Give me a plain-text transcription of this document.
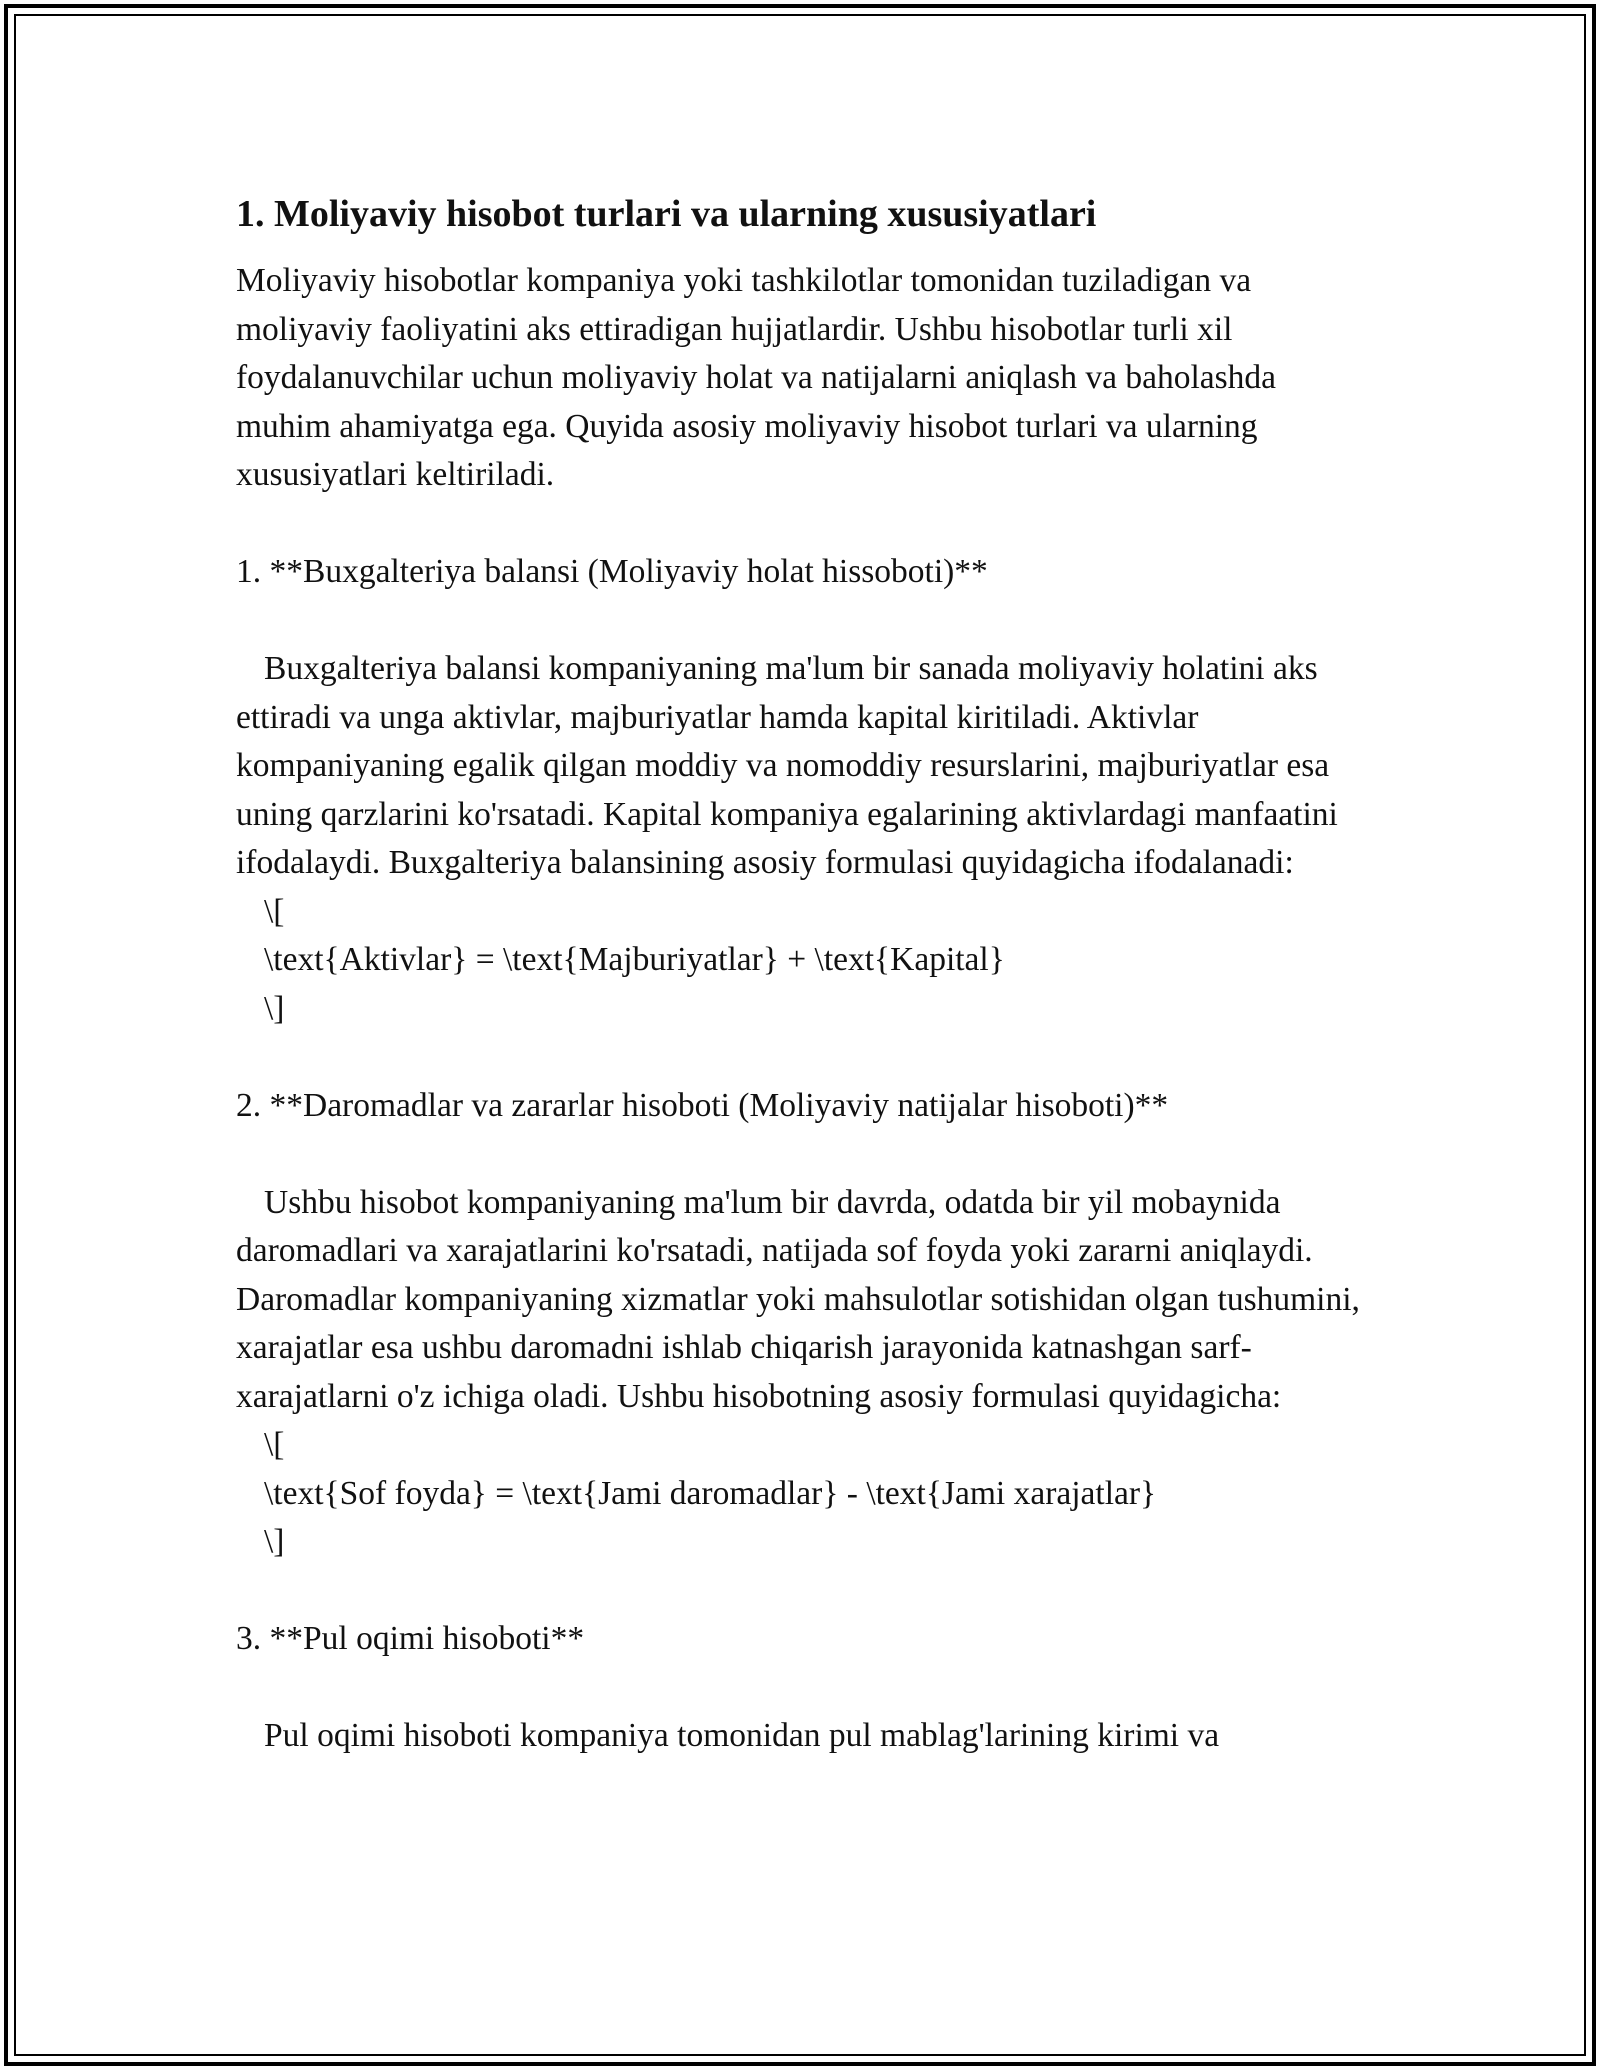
1. Moliyaviy hisobot turlari va ularning xususiyatlari

Moliyaviy hisobotlar kompaniya yoki tashkilotlar tomonidan tuziladigan va moliyaviy faoliyatini aks ettiradigan hujjatlardir. Ushbu hisobotlar turli xil foydalanuvchilar uchun moliyaviy holat va natijalarni aniqlash va baholashda muhim ahamiyatga ega. Quyida asosiy moliyaviy hisobot turlari va ularning xususiyatlari keltiriladi.

1. **Buxgalteriya balansi (Moliyaviy holat hissoboti)**

Buxgalteriya balansi kompaniyaning ma'lum bir sanada moliyaviy holatini aks ettiradi va unga aktivlar, majburiyatlar hamda kapital kiritiladi. Aktivlar kompaniyaning egalik qilgan moddiy va nomoddiy resurslarini, majburiyatlar esa uning qarzlarini ko'rsatadi. Kapital kompaniya egalarining aktivlardagi manfaatini ifodalaydi. Buxgalteriya balansining asosiy formulasi quyidagicha ifodalanadi:

\[

\text{Aktivlar} = \text{Majburiyatlar} + \text{Kapital}

\]

2. **Daromadlar va zararlar hisoboti (Moliyaviy natijalar hisoboti)**

Ushbu hisobot kompaniyaning ma'lum bir davrda, odatda bir yil mobaynida daromadlari va xarajatlarini ko'rsatadi, natijada sof foyda yoki zararni aniqlaydi. Daromadlar kompaniyaning xizmatlar yoki mahsulotlar sotishidan olgan tushumini, xarajatlar esa ushbu daromadni ishlab chiqarish jarayonida katnashgan sarf-xarajatlarni o'z ichiga oladi. Ushbu hisobotning asosiy formulasi quyidagicha:

\[

\text{Sof foyda} = \text{Jami daromadlar} - \text{Jami xarajatlar}

\]

3. **Pul oqimi hisoboti**

Pul oqimi hisoboti kompaniya tomonidan pul mablag'larining kirimi va
